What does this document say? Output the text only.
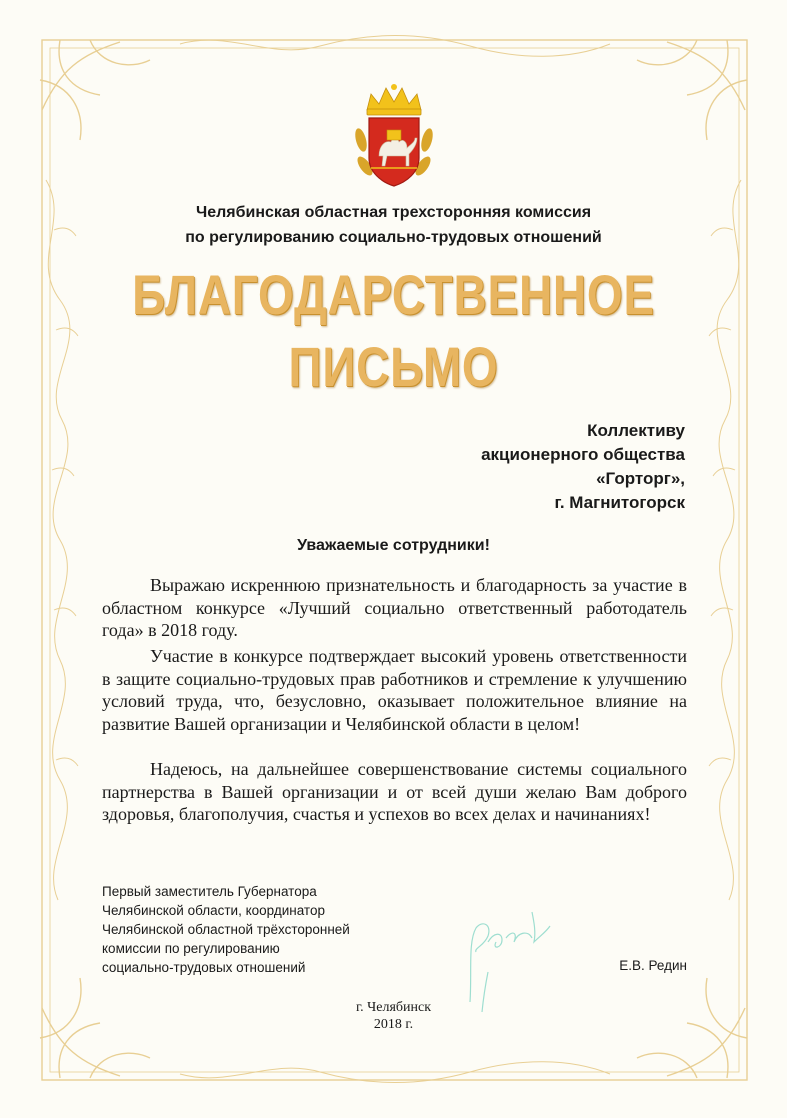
Челябинская областная трехсторонняя комиссия
по регулированию социально-трудовых отношений
БЛАГОДАРСТВЕННОЕ
ПИСЬМО
Коллективу
акционерного общества
«Горторг»,
г. Магнитогорск
Уважаемые сотрудники!

Выражаю искреннюю признательность и благодарность за участие в областном конкурсе «Лучший социально ответственный работодатель года» в 2018 году.

Участие в конкурсе подтверждает высокий уровень ответственности в защите социально-трудовых прав работников и стремление к улучшению условий труда, что, безусловно, оказывает положительное влияние на развитие Вашей организации и Челябинской области в целом!

Надеюсь, на дальнейшее совершенствование системы социального партнерства в Вашей организации и от всей души желаю Вам доброго здоровья, благополучия, счастья и успехов во всех делах и начинаниях!

Первый заместитель Губернатора
Челябинской области, координатор
Челябинской областной трёхсторонней
комиссии по регулированию
социально-трудовых отношений	Е.В. Редин
г. Челябинск
2018 г.
